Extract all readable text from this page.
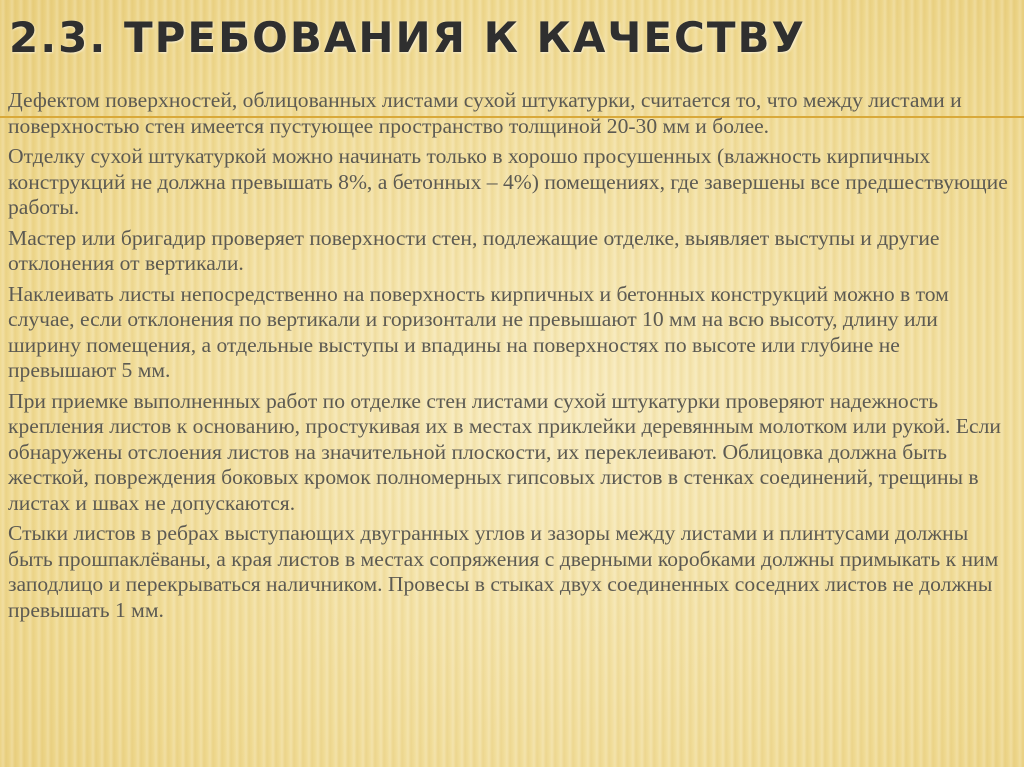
2.3. ТРЕБОВАНИЯ К КАЧЕСТВУ

Дефектом поверхностей, облицованных листами сухой штукатурки, считается то, что между листами и поверхностью стен имеется пустующее пространство толщиной 20-30 мм и более.

Отделку сухой штукатуркой можно начинать только в хорошо просушенных (влажность кирпичных конструкций не должна превышать 8%, а бетонных – 4%) помещениях, где завершены все предшествующие работы.

Мастер или бригадир проверяет поверхности стен, подлежащие отделке, выявляет выступы и другие отклонения от вертикали.

Наклеивать листы непосредственно на поверхность кирпичных и бетонных конструкций можно в том случае, если отклонения по вертикали и горизонтали не превышают 10 мм на всю высоту, длину или ширину помещения, а отдельные выступы и впадины на поверхностях по высоте или глубине не превышают 5 мм.

При приемке выполненных работ по отделке стен листами сухой штукатурки проверяют надежность крепления листов к основанию, простукивая их в местах приклейки деревянным молотком или рукой. Если обнаружены отслоения листов на значительной плоскости, их переклеивают. Облицовка должна быть жесткой, повреждения боковых кромок полномерных гипсовых листов в стенках соединений, трещины в листах и швах не допускаются.

Стыки листов в ребрах выступающих двугранных углов и зазоры между листами и плинтусами должны быть прошпаклёваны, а края листов в местах сопряжения с дверными коробками должны примыкать к ним заподлицо и перекрываться наличником. Провесы в стыках двух соединенных соседних листов не должны превышать 1 мм.
